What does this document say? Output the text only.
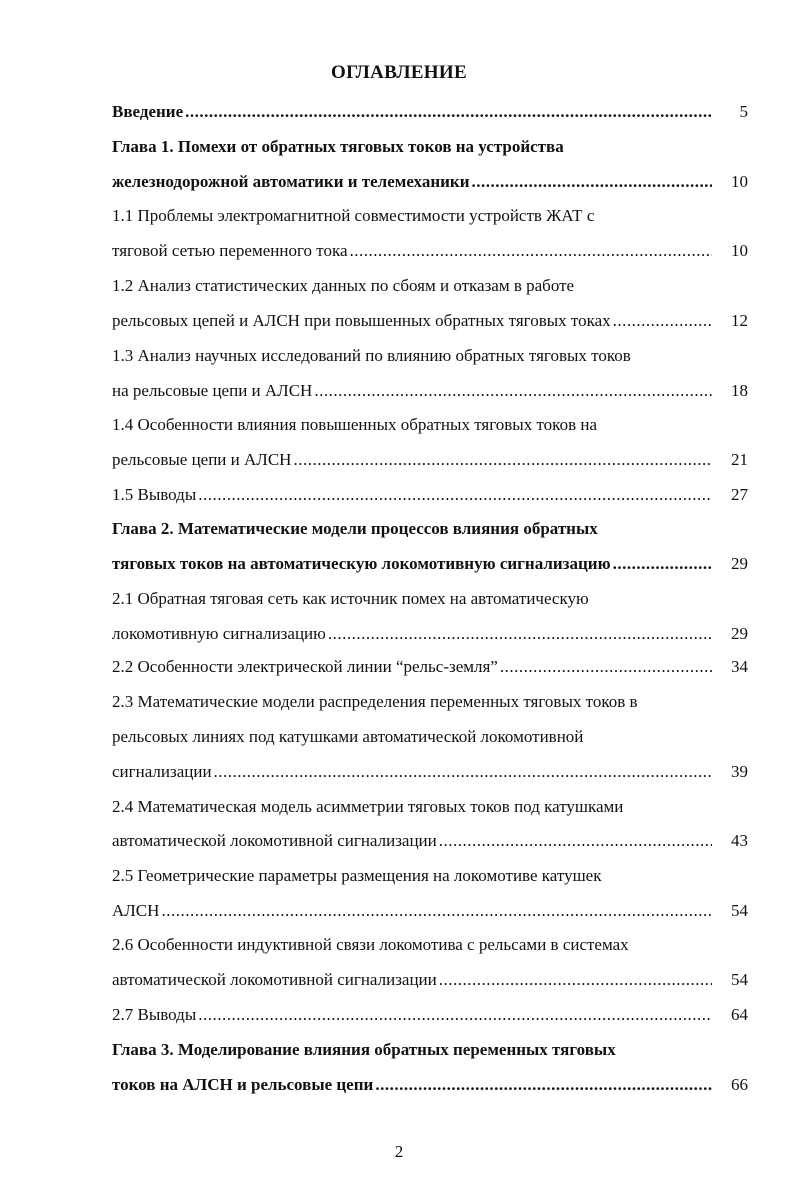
ОГЛАВЛЕНИЕ
Введение .....	5
Глава 1. Помехи от обратных тяговых токов на устройства
железнодорожной автоматики и телемеханики .....	10
1.1 Проблемы электромагнитной совместимости устройств ЖАТ с
тяговой сетью переменного тока .....	10
1.2 Анализ статистических данных по сбоям и отказам в работе
рельсовых цепей и АЛСН при повышенных обратных тяговых токах .....	12
1.3 Анализ научных исследований по влиянию обратных тяговых токов
на рельсовые цепи и АЛСН .....	18
1.4 Особенности влияния повышенных обратных тяговых токов на
рельсовые цепи и АЛСН .....	21
1.5 Выводы .....	27
Глава 2. Математические модели процессов влияния обратных
тяговых токов на автоматическую локомотивную сигнализацию .....	29
2.1 Обратная тяговая сеть как источник помех на автоматическую
локомотивную сигнализацию .....	29
2.2 Особенности электрической линии “рельс-земля” .....	34
2.3 Математические модели распределения переменных тяговых токов в
рельсовых линиях под катушками автоматической локомотивной
сигнализации .....	39
2.4 Математическая модель асимметрии тяговых токов под катушками
автоматической локомотивной сигнализации .....	43
2.5 Геометрические параметры размещения на локомотиве катушек
АЛСН .....	54
2.6 Особенности индуктивной связи локомотива с рельсами в системах
автоматической локомотивной сигнализации .....	54
2.7 Выводы .....	64
Глава 3. Моделирование влияния обратных переменных тяговых
токов на АЛСН и рельсовые цепи .....	66
2
